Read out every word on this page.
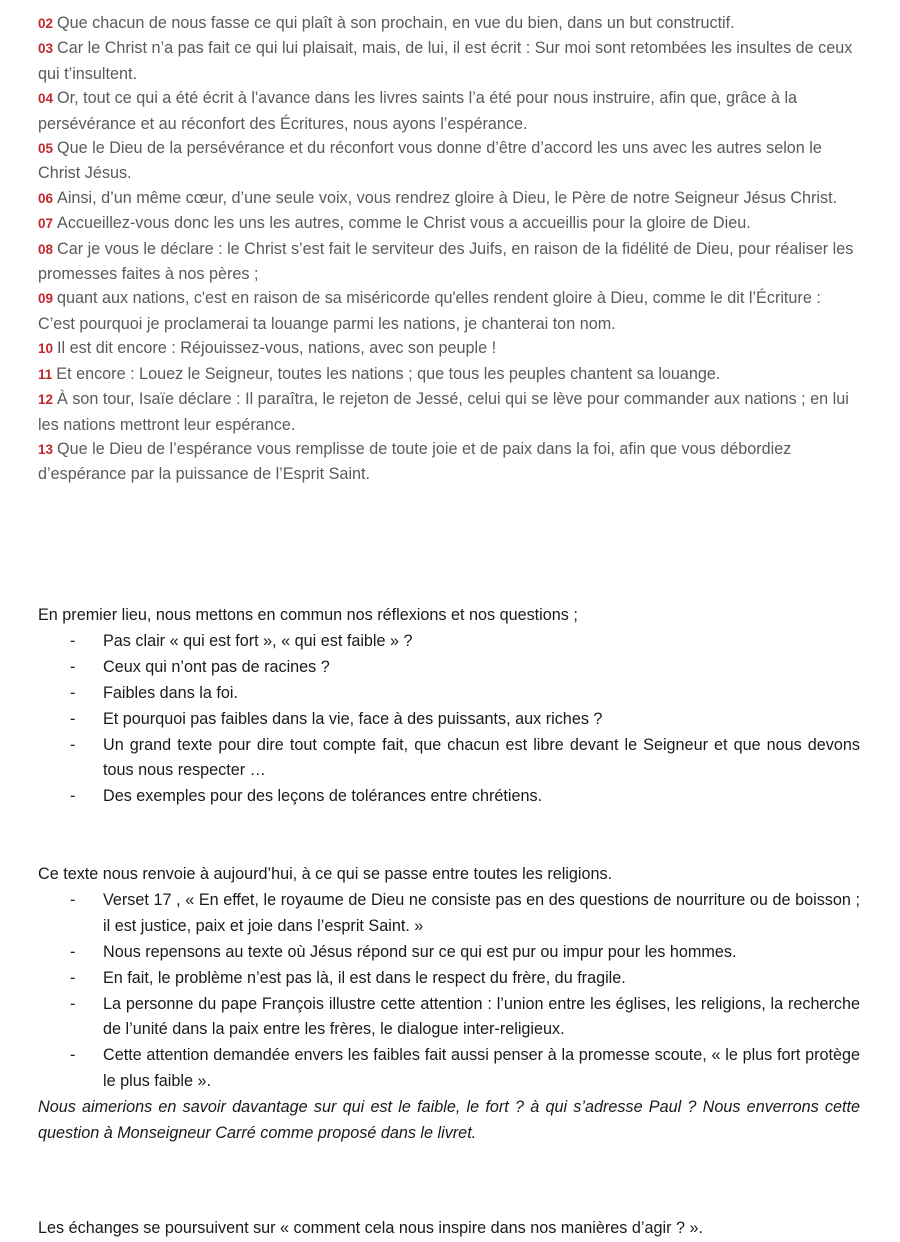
02 Que chacun de nous fasse ce qui plaît à son prochain, en vue du bien, dans un but constructif.

03 Car le Christ n’a pas fait ce qui lui plaisait, mais, de lui, il est écrit : Sur moi sont retombées les insultes de ceux qui t’insultent.

04 Or, tout ce qui a été écrit à l'avance dans les livres saints l’a été pour nous instruire, afin que, grâce à la persévérance et au réconfort des Écritures, nous ayons l’espérance.

05 Que le Dieu de la persévérance et du réconfort vous donne d’être d’accord les uns avec les autres selon le Christ Jésus.

06 Ainsi, d’un même cœur, d’une seule voix, vous rendrez gloire à Dieu, le Père de notre Seigneur Jésus Christ.

07 Accueillez-vous donc les uns les autres, comme le Christ vous a accueillis pour la gloire de Dieu.

08 Car je vous le déclare : le Christ s’est fait le serviteur des Juifs, en raison de la fidélité de Dieu, pour réaliser les promesses faites à nos pères ;

09 quant aux nations, c'est en raison de sa miséricorde qu'elles rendent gloire à Dieu, comme le dit l’Écriture : C’est pourquoi je proclamerai ta louange parmi les nations, je chanterai ton nom.

10 Il est dit encore : Réjouissez-vous, nations, avec son peuple !

11 Et encore : Louez le Seigneur, toutes les nations ; que tous les peuples chantent sa louange.

12 À son tour, Isaïe déclare : Il paraîtra, le rejeton de Jessé, celui qui se lève pour commander aux nations ; en lui les nations mettront leur espérance.

13 Que le Dieu de l’espérance vous remplisse de toute joie et de paix dans la foi, afin que vous débordiez d’espérance par la puissance de l’Esprit Saint.

En premier lieu, nous mettons en commun nos réflexions et nos questions ;

- Pas clair « qui est fort », « qui est faible » ?
- Ceux qui n’ont pas de racines ?
- Faibles dans la foi.
- Et pourquoi pas faibles dans la vie, face à des puissants, aux riches ?
- Un grand texte pour dire tout compte fait, que chacun est libre devant le Seigneur et que nous devons tous nous respecter …
- Des exemples pour des leçons de tolérances entre chrétiens.

Ce texte nous renvoie à aujourd’hui, à ce qui se passe entre toutes les religions.

- Verset 17 , « En effet, le royaume de Dieu ne consiste pas en des questions de nourriture ou de boisson ; il est justice, paix et joie dans l’esprit Saint. »
- Nous repensons au texte où Jésus répond sur ce qui est pur ou impur pour les hommes.
- En fait, le problème n’est pas là, il est dans le respect du frère, du fragile.
- La personne du pape François illustre cette attention : l’union entre les églises, les religions, la recherche de l’unité dans la paix entre les frères, le dialogue inter-religieux.
- Cette attention demandée envers les faibles fait aussi penser à la promesse scoute, « le plus fort protège le plus faible ».

Nous aimerions en savoir davantage sur qui est le faible, le fort ? à qui s’adresse Paul ? Nous enverrons cette question à Monseigneur Carré comme proposé dans le livret.

Les échanges se poursuivent sur « comment cela nous inspire dans nos manières d’agir ? ».
